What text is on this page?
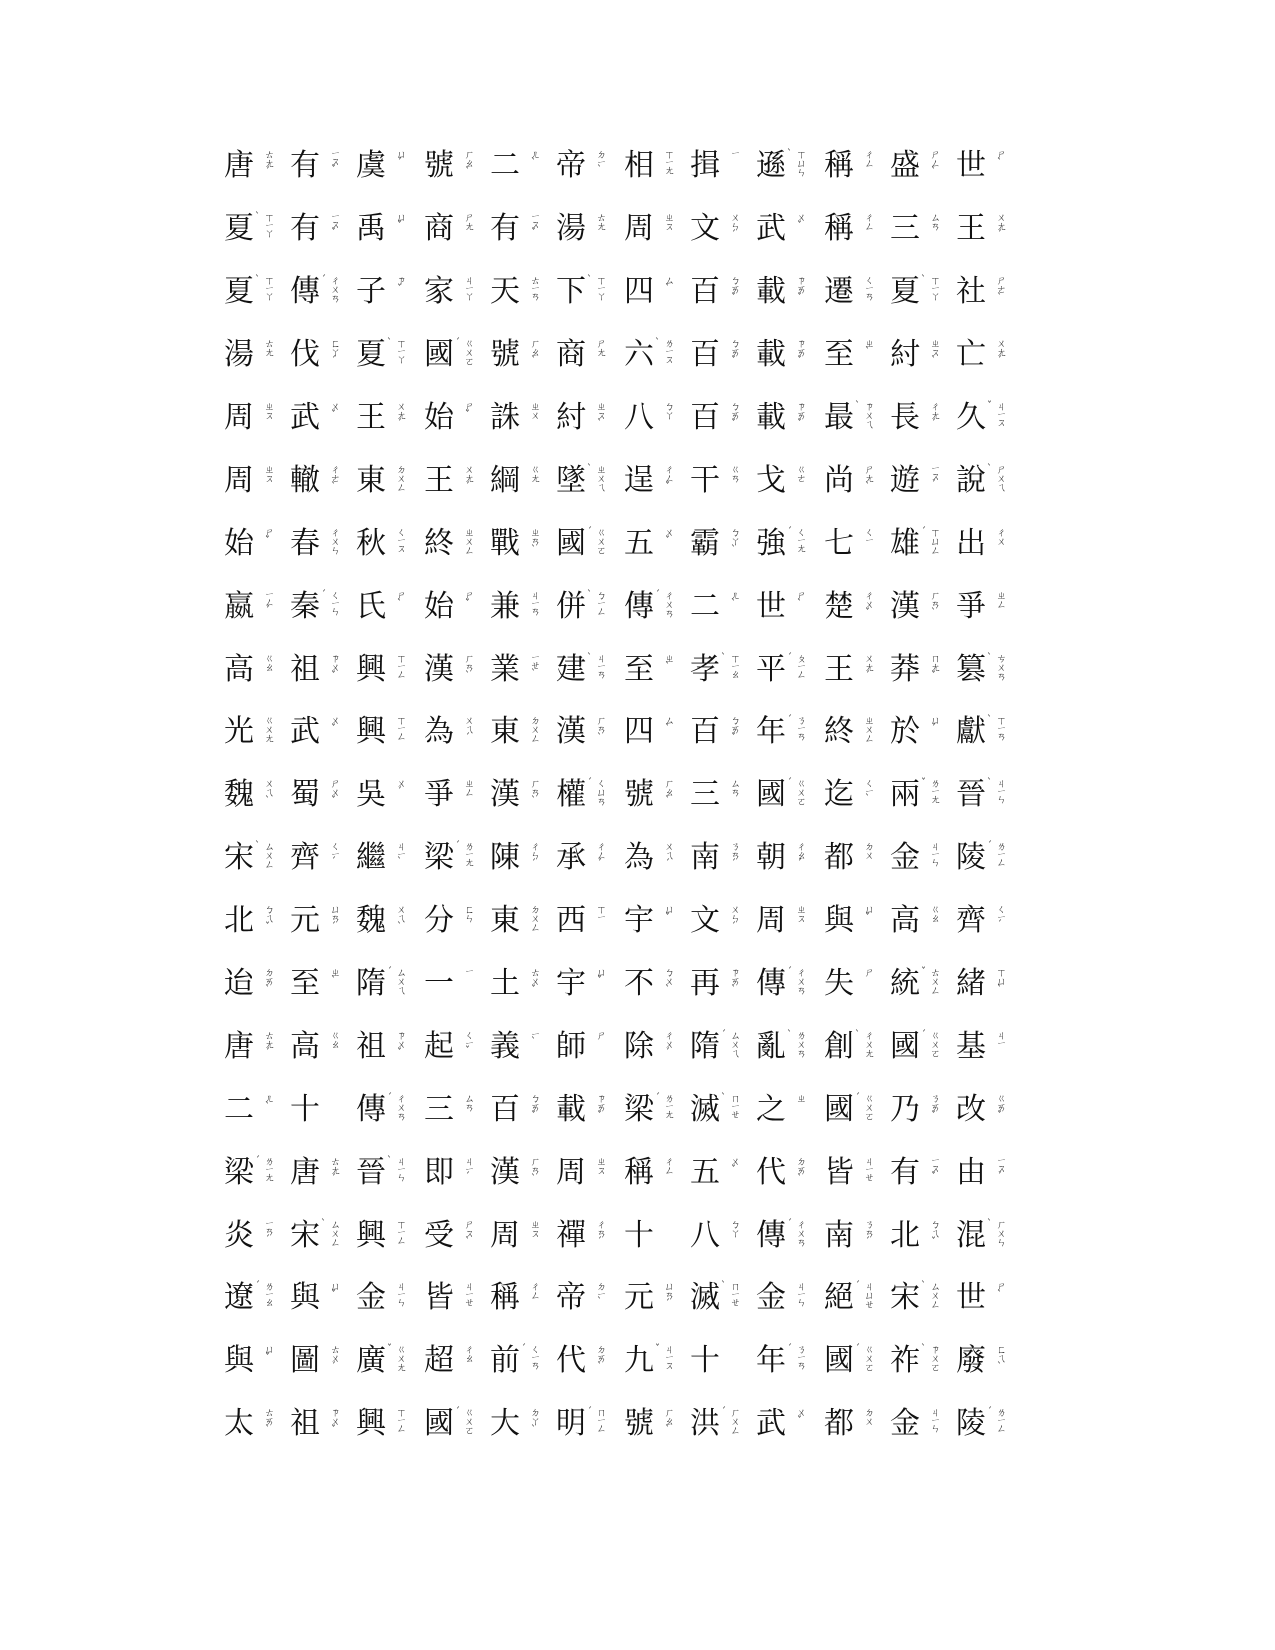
唐 ㄊㄤˊ 有 ㄧㄡˇ 虞 ㄩˊ 號 ㄏㄠˋ 二 ㄦˋ 帝 ㄉㄧˋ 相 ㄒㄧㄤ 揖 ㄧ 遜 ㄒㄩㄣˋ 稱 ㄔㄥ 盛 ㄕㄥˋ 世 ㄕˋ
夏 ㄒㄧㄚˋ 有 ㄧㄡˇ 禹 ㄩˇ 商 ㄕㄤ 有 ㄧㄡˇ 湯 ㄊㄤ 周 ㄓㄡ 文 ㄨㄣˊ 武 ㄨˇ 稱 ㄔㄥ 三 ㄙㄢ 王 ㄨㄤˊ
夏 ㄒㄧㄚˋ 傳 ㄔㄨㄢˊ 子 ㄗˇ 家 ㄐㄧㄚ 天 ㄊㄧㄢ 下 ㄒㄧㄚˋ 四 ㄙˋ 百 ㄅㄞˇ 載 ㄗㄞˇ 遷 ㄑㄧㄢ 夏 ㄒㄧㄚˋ 社 ㄕㄜˋ
湯 ㄊㄤ 伐 ㄈㄚˊ 夏 ㄒㄧㄚˋ 國 ㄍㄨㄛˊ 號 ㄏㄠˋ 商 ㄕㄤ 六 ㄌㄧㄡˋ 百 ㄅㄞˇ 載 ㄗㄞˇ 至 ㄓˋ 紂 ㄓㄡˋ 亡 ㄨㄤˊ
周 ㄓㄡ 武 ㄨˇ 王 ㄨㄤˊ 始 ㄕˇ 誅 ㄓㄨ 紂 ㄓㄡˋ 八 ㄅㄚ 百 ㄅㄞˇ 載 ㄗㄞˇ 最 ㄗㄨㄟˋ 長 ㄔㄤˊ 久 ㄐㄧㄡˇ
周 ㄓㄡ 轍 ㄔㄜˋ 東 ㄉㄨㄥ 王 ㄨㄤˊ 綱 ㄍㄤ 墜 ㄓㄨㄟˋ 逞 ㄔㄥˇ 干 ㄍㄢ 戈 ㄍㄜ 尚 ㄕㄤˋ 遊 ㄧㄡˊ 說 ㄕㄨㄟˋ
始 ㄕˇ 春 ㄔㄨㄣ 秋 ㄑㄧㄡ 終 ㄓㄨㄥ 戰 ㄓㄢˋ 國 ㄍㄨㄛˊ 五 ㄨˇ 霸 ㄅㄚˋ 強 ㄑㄧㄤˊ 七 ㄑㄧ 雄 ㄒㄩㄥˊ 出 ㄔㄨ
嬴 ㄧㄥˊ 秦 ㄑㄧㄣˊ 氏 ㄕˋ 始 ㄕˇ 兼 ㄐㄧㄢ 併 ㄅㄧㄥˋ 傳 ㄔㄨㄢˊ 二 ㄦˋ 世 ㄕˋ 楚 ㄔㄨˇ 漢 ㄏㄢˋ 爭 ㄓㄥ
高 ㄍㄠ 祖 ㄗㄨˇ 興 ㄒㄧㄥ 漢 ㄏㄢˋ 業 ㄧㄝˋ 建 ㄐㄧㄢˋ 至 ㄓˋ 孝 ㄒㄧㄠˋ 平 ㄆㄧㄥˊ 王 ㄨㄤˊ 莽 ㄇㄤˇ 篡 ㄘㄨㄢˋ
光 ㄍㄨㄤ 武 ㄨˇ 興 ㄒㄧㄥ 為 ㄨㄟˊ 東 ㄉㄨㄥ 漢 ㄏㄢˋ 四 ㄙˋ 百 ㄅㄞˇ 年 ㄋㄧㄢˊ 終 ㄓㄨㄥ 於 ㄩˊ 獻 ㄒㄧㄢˋ
魏 ㄨㄟˋ 蜀 ㄕㄨˇ 吳 ㄨˊ 爭 ㄓㄥ 漢 ㄏㄢˋ 權 ㄑㄩㄢˊ 號 ㄏㄠˋ 三 ㄙㄢ 國 ㄍㄨㄛˊ 迄 ㄑㄧˋ 兩 ㄌㄧㄤˇ 晉 ㄐㄧㄣˋ
宋 ㄙㄨㄥˋ 齊 ㄑㄧˊ 繼 ㄐㄧˋ 梁 ㄌㄧㄤˊ 陳 ㄔㄣˊ 承 ㄔㄥˊ 為 ㄨㄟˊ 南 ㄋㄢˊ 朝 ㄔㄠˊ 都 ㄉㄨ 金 ㄐㄧㄣ 陵 ㄌㄧㄥˊ
北 ㄅㄟˇ 元 ㄩㄢˊ 魏 ㄨㄟˋ 分 ㄈㄣ 東 ㄉㄨㄥ 西 ㄒㄧ 宇 ㄩˇ 文 ㄨㄣˊ 周 ㄓㄡ 與 ㄩˇ 高 ㄍㄠ 齊 ㄑㄧˊ
迨 ㄉㄞˋ 至 ㄓˋ 隋 ㄙㄨㄟˊ 一 ㄧ 土 ㄊㄨˇ 宇 ㄩˇ 不 ㄅㄨˋ 再 ㄗㄞˋ 傳 ㄔㄨㄢˊ 失 ㄕ 統 ㄊㄨㄥˇ 緒 ㄒㄩˋ
唐 ㄊㄤˊ 高 ㄍㄠ 祖 ㄗㄨˇ 起 ㄑㄧˇ 義 ㄧˋ 師 ㄕ 除 ㄔㄨˊ 隋 ㄙㄨㄟˊ 亂 ㄌㄨㄢˋ 創 ㄔㄨㄤˋ 國 ㄍㄨㄛˊ 基 ㄐㄧ
二 ㄦˋ 十 傳 ㄔㄨㄢˊ 三 ㄙㄢ 百 ㄅㄞˇ 載 ㄗㄞˇ 梁 ㄌㄧㄤˊ 滅 ㄇㄧㄝˋ 之 ㄓ 國 ㄍㄨㄛˊ 乃 ㄋㄞˇ 改 ㄍㄞˇ
梁 ㄌㄧㄤˊ 唐 ㄊㄤˊ 晉 ㄐㄧㄣˋ 即 ㄐㄧˊ 漢 ㄏㄢˋ 周 ㄓㄡ 稱 ㄔㄥ 五 ㄨˇ 代 ㄉㄞˋ 皆 ㄐㄧㄝ 有 ㄧㄡˇ 由 ㄧㄡˊ
炎 ㄧㄢˊ 宋 ㄙㄨㄥˋ 興 ㄒㄧㄥ 受 ㄕㄡˋ 周 ㄓㄡ 禪 ㄔㄢˊ 十 八 ㄅㄚ 傳 ㄔㄨㄢˊ 南 ㄋㄢˊ 北 ㄅㄟˇ 混 ㄏㄨㄣˋ
遼 ㄌㄧㄠˊ 與 ㄩˇ 金 ㄐㄧㄣ 皆 ㄐㄧㄝ 稱 ㄔㄥ 帝 ㄉㄧˋ 元 ㄩㄢˊ 滅 ㄇㄧㄝˋ 金 ㄐㄧㄣ 絕 ㄐㄩㄝˊ 宋 ㄙㄨㄥˋ 世 ㄕˋ
與 ㄩˇ 圖 ㄊㄨˊ 廣 ㄍㄨㄤˇ 超 ㄔㄠ 前 ㄑㄧㄢˊ 代 ㄉㄞˋ 九 ㄐㄧㄡˇ 十 年 ㄋㄧㄢˊ 國 ㄍㄨㄛˊ 祚 ㄗㄨㄛˋ 廢 ㄈㄟˋ
太 ㄊㄞˋ 祖 ㄗㄨˇ 興 ㄒㄧㄥ 國 ㄍㄨㄛˊ 大 ㄉㄚˋ 明 ㄇㄧㄥˊ 號 ㄏㄠˋ 洪 ㄏㄨㄥˊ 武 ㄨˇ 都 ㄉㄨ 金 ㄐㄧㄣ 陵 ㄌㄧㄥˊ
